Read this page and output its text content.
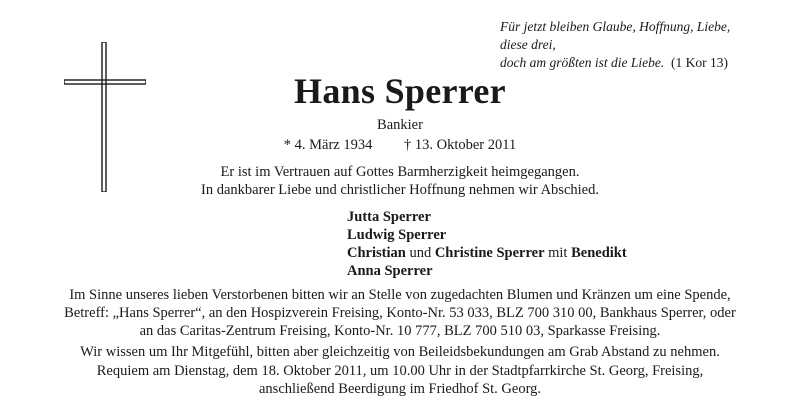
Für jetzt bleiben Glaube, Hoffnung, Liebe,
diese drei,
doch am größten ist die Liebe. (1 Kor 13)
Hans Sperrer
Bankier
* 4. März 1934 † 13. Oktober 2011
Er ist im Vertrauen auf Gottes Barmherzigkeit heimgegangen.
In dankbarer Liebe und christlicher Hoffnung nehmen wir Abschied.
Jutta Sperrer
Ludwig Sperrer
Christian und Christine Sperrer mit Benedikt
Anna Sperrer
Im Sinne unseres lieben Verstorbenen bitten wir an Stelle von zugedachten Blumen und Kränzen um eine Spende,
Betreff: „Hans Sperrer“, an den Hospizverein Freising, Konto-Nr. 53 033, BLZ 700 310 00, Bankhaus Sperrer, oder
an das Caritas-Zentrum Freising, Konto-Nr. 10 777, BLZ 700 510 03, Sparkasse Freising.
Wir wissen um Ihr Mitgefühl, bitten aber gleichzeitig von Beileidsbekundungen am Grab Abstand zu nehmen.
Requiem am Dienstag, dem 18. Oktober 2011, um 10.00 Uhr in der Stadtpfarrkirche St. Georg, Freising,
anschließend Beerdigung im Friedhof St. Georg.
